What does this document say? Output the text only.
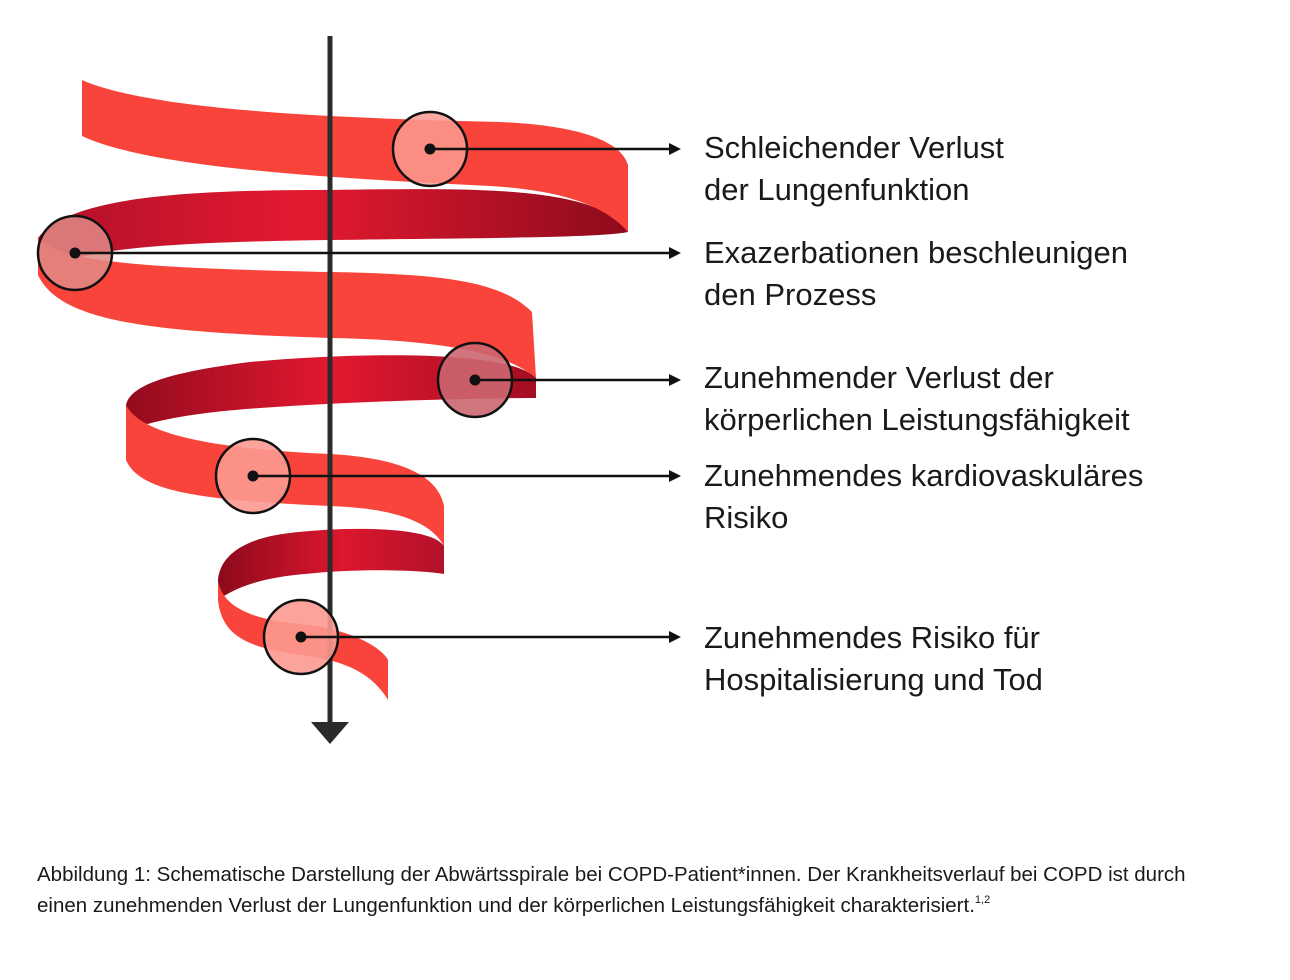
Schleichender Verlust
der Lungenfunktion
Exazerbationen beschleunigen
den Prozess
Zunehmender Verlust der
körperlichen Leistungsfähigkeit
Zunehmendes kardiovaskuläres
Risiko
Zunehmendes Risiko für
Hospitalisierung und Tod
Abbildung 1: Schematische Darstellung der Abwärtsspirale bei COPD-Patient*innen. Der Krankheitsverlauf bei COPD ist durch einen zunehmenden Verlust der Lungenfunktion und der körperlichen Leistungsfähigkeit charakterisiert.$^{1,2}$
